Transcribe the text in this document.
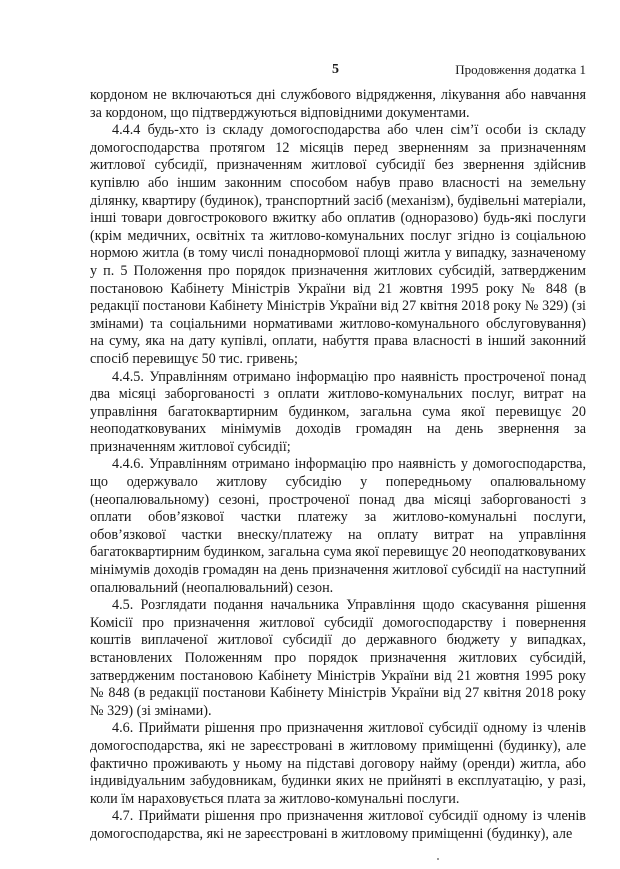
5	Продовження додатка 1

кордоном не включаються дні службового відрядження, лікування або навчання за кордоном, що підтверджуються відповідними документами.

4.4.4 будь-хто із складу домогосподарства або член сім’ї особи із складу домогосподарства протягом 12 місяців перед зверненням за призначенням житлової субсидії, призначенням житлової субсидії без звернення здійснив купівлю або іншим законним способом набув право власності на земельну ділянку, квартиру (будинок), транспортний засіб (механізм), будівельні матеріали, інші товари довгострокового вжитку або оплатив (одноразово) будь-які послуги (крім медичних, освітніх та житлово-комунальних послуг згідно із соціальною нормою житла (в тому числі понаднормової площі житла у випадку, зазначеному у п. 5 Положення про порядок призначення житлових субсидій, затвердженим постановою Кабінету Міністрів України від 21 жовтня 1995 року № 848 (в редакції постанови Кабінету Міністрів України від 27 квітня 2018 року № 329) (зі змінами) та соціальними нормативами житлово-комунального обслуговування) на суму, яка на дату купівлі, оплати, набуття права власності в інший законний спосіб перевищує 50 тис. гривень;

4.4.5. Управлінням отримано інформацію про наявність простроченої понад два місяці заборгованості з оплати житлово-комунальних послуг, витрат на управління багатоквартирним будинком, загальна сума якої перевищує 20 неоподатковуваних мінімумів доходів громадян на день звернення за призначенням житлової субсидії;

4.4.6. Управлінням отримано інформацію про наявність у домогосподарства, що одержувало житлову субсидію у попередньому опалювальному (неопалювальному) сезоні, простроченої понад два місяці заборгованості з оплати обов’язкової частки платежу за житлово-комунальні послуги, обов’язкової частки внеску/платежу на оплату витрат на управління багатоквартирним будинком, загальна сума якої перевищує 20 неоподатковуваних мінімумів доходів громадян на день призначення житлової субсидії на наступний опалювальний (неопалювальний) сезон.

4.5. Розглядати подання начальника Управління щодо скасування рішення Комісії про призначення житлової субсидії домогосподарству і повернення коштів виплаченої житлової субсидії до державного бюджету у випадках, встановлених Положенням про порядок призначення житлових субсидій, затвердженим постановою Кабінету Міністрів України від 21 жовтня 1995 року № 848 (в редакції постанови Кабінету Міністрів України від 27 квітня 2018 року № 329) (зі змінами).

4.6. Приймати рішення про призначення житлової субсидії одному із членів домогосподарства, які не зареєстровані в житловому приміщенні (будинку), але фактично проживають у ньому на підставі договору найму (оренди) житла, або індивідуальним забудовникам, будинки яких не прийняті в експлуатацію, у разі, коли їм нараховується плата за житлово-комунальні послуги.

4.7. Приймати рішення про призначення житлової субсидії одному із членів домогосподарства, які не зареєстровані в житловому приміщенні (будинку), але
